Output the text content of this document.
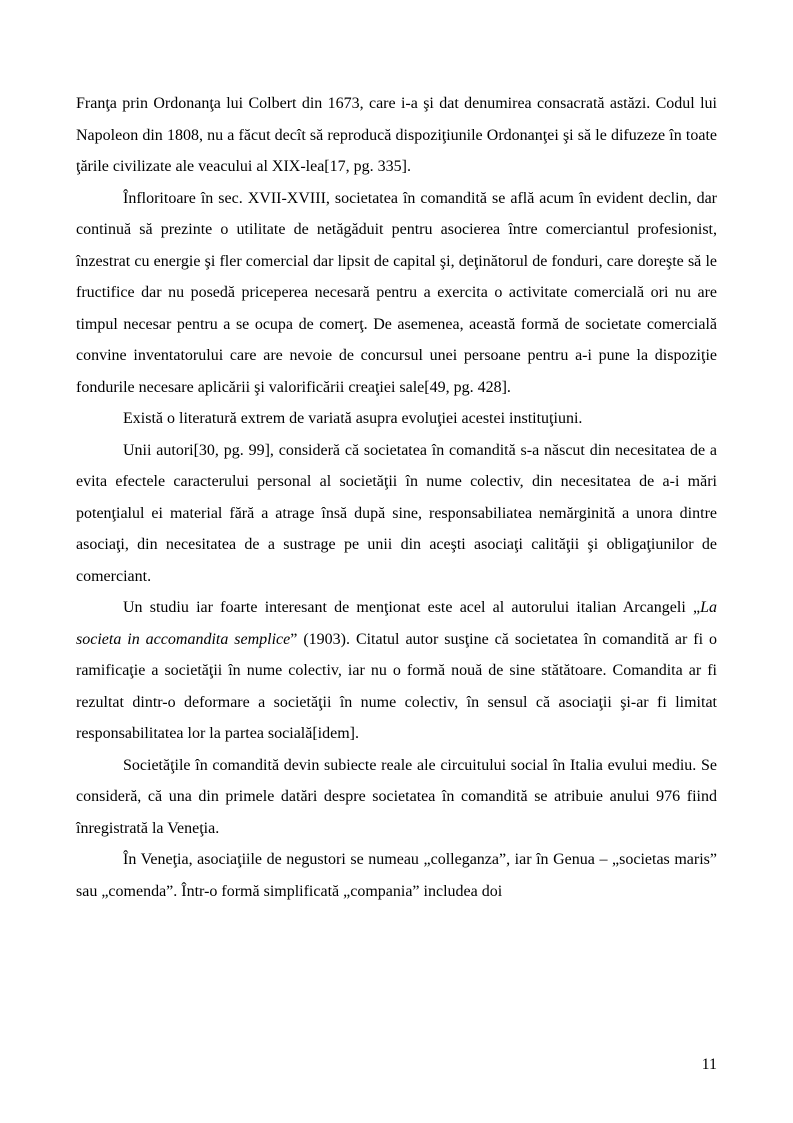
Franţa prin Ordonanţa lui Colbert din 1673, care i-a şi dat denumirea consacrată astăzi. Codul lui Napoleon din 1808, nu a făcut decît să reproducă dispoziţiunile Ordonanţei şi să le difuzeze în toate ţările civilizate ale veacului al XIX-lea[17, pg. 335].

Înfloritoare în sec. XVII-XVIII, societatea în comandită se află acum în evident declin, dar continuă să prezinte o utilitate de netăgăduit pentru asocierea între comerciantul profesionist, înzestrat cu energie şi fler comercial dar lipsit de capital şi, deţinătorul de fonduri, care doreşte să le fructifice dar nu posedă priceperea necesară pentru a exercita o activitate comercială ori nu are timpul necesar pentru a se ocupa de comerţ. De asemenea, această formă de societate comercială convine inventatorului care are nevoie de concursul unei persoane pentru a-i pune la dispoziţie fondurile necesare aplicării şi valorificării creaţiei sale[49, pg. 428].

Există o literatură extrem de variată asupra evoluţiei acestei instituţiuni.

Unii autori[30, pg. 99], consideră că societatea în comandită s-a născut din necesitatea de a evita efectele caracterului personal al societăţii în nume colectiv, din necesitatea de a-i mări potenţialul ei material fără a atrage însă după sine, responsabiliatea nemărginită a unora dintre asociaţi, din necesitatea de a sustrage pe unii din aceşti asociaţi calităţii şi obligaţiunilor de comerciant.

Un studiu iar foarte interesant de menţionat este acel al autorului italian Arcangeli „La societa in accomandita semplice” (1903). Citatul autor susţine că societatea în comandită ar fi o ramificaţie a societăţii în nume colectiv, iar nu o formă nouă de sine stătătoare. Comandita ar fi rezultat dintr-o deformare a societăţii în nume colectiv, în sensul că asociaţii şi-ar fi limitat responsabilitatea lor la partea socială[idem].

Societăţile în comandită devin subiecte reale ale circuitului social în Italia evului mediu. Se consideră, că una din primele datări despre societatea în comandită se atribuie anului 976 fiind înregistrată la Veneţia.

În Veneţia, asociaţiile de negustori se numeau „colleganza”, iar în Genua – „societas maris” sau „comenda”. Într-o formă simplificată „compania” includea doi

11
